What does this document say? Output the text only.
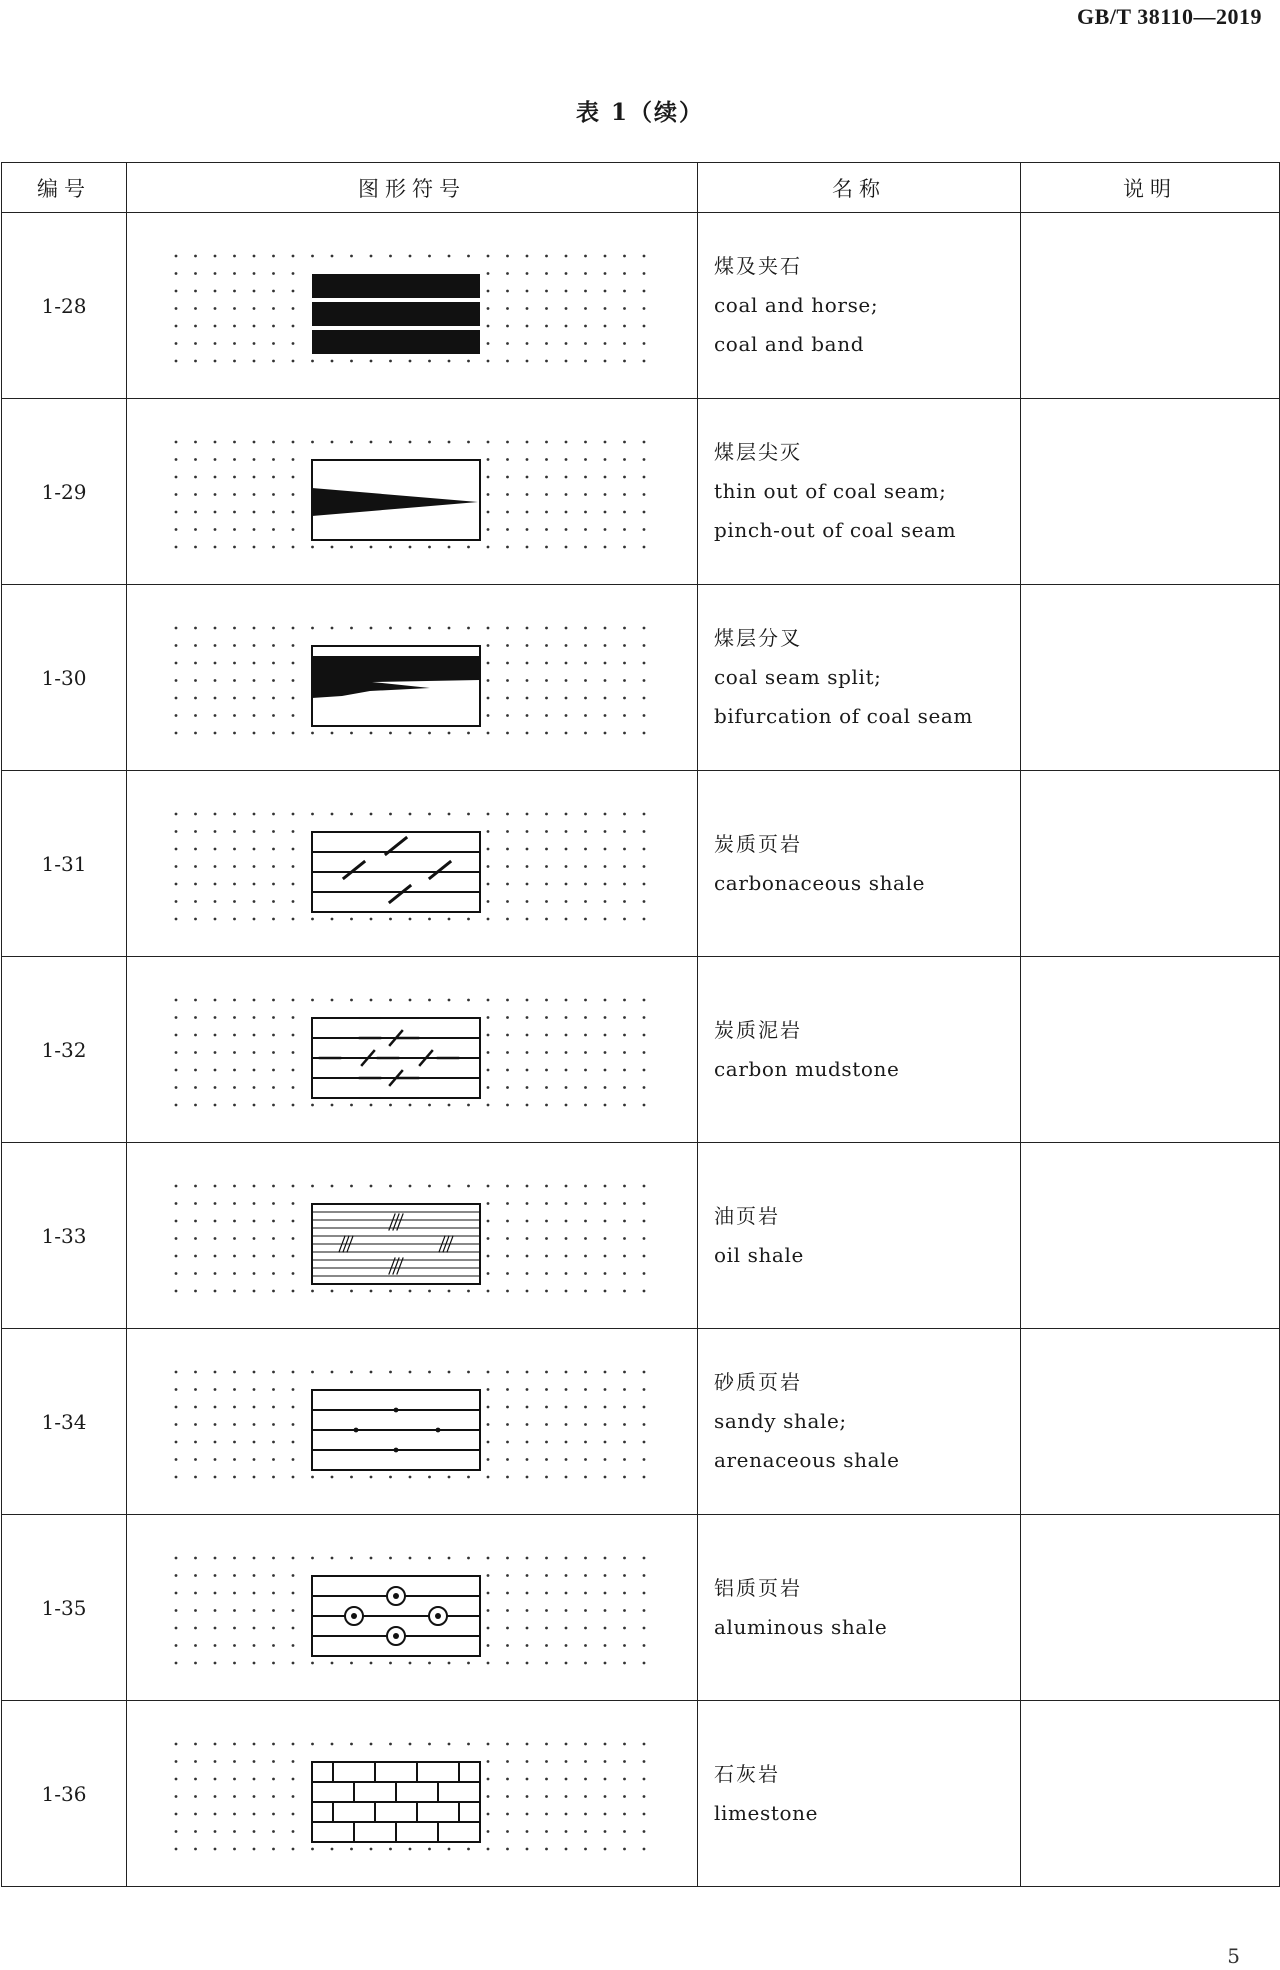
GB/T 38110—2019
表 1（续）
编号	图形符号	名称	说明
1-28		煤及夹石
coal and horse;
coal and band	

1-29		煤层尖灭
thin out of coal seam;
pinch-out of coal seam	

1-30		煤层分叉
coal seam split;
bifurcation of coal seam	

1-31		炭质页岩
carbonaceous shale	

1-32		炭质泥岩
carbon mudstone	

1-33		油页岩
oil shale	

1-34		砂质页岩
sandy shale;
arenaceous shale	

1-35		铝质页岩
aluminous shale	

1-36		石灰岩
limestone	

5
